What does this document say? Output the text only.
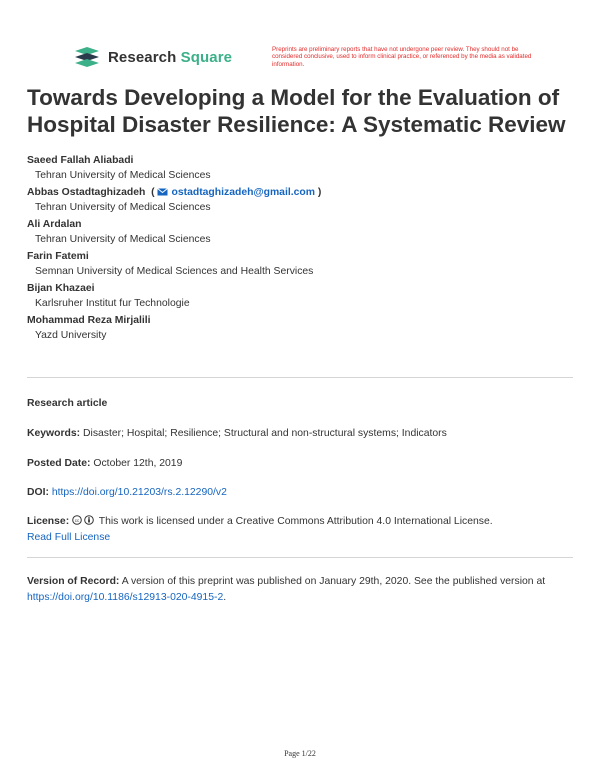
Research Square	Preprints are preliminary reports that have not undergone peer review. They should not be considered conclusive, used to inform clinical practice, or referenced by the media as validated information.
Towards Developing a Model for the Evaluation of Hospital Disaster Resilience: A Systematic Review
Saeed Fallah Aliabadi
Tehran University of Medical Sciences
Abbas Ostadtaghizadeh  ( ostadtaghizadeh@gmail.com )
Tehran University of Medical Sciences
Ali Ardalan
Tehran University of Medical Sciences
Farin Fatemi
Semnan University of Medical Sciences and Health Services
Bijan Khazaei
Karlsruher Institut fur Technologie
Mohammad Reza Mirjalili
Yazd University
Research article
Keywords: Disaster; Hospital; Resilience; Structural and non-structural systems; Indicators
Posted Date: October 12th, 2019
DOI: https://doi.org/10.21203/rs.2.12290/v2
License: cc This work is licensed under a Creative Commons Attribution 4.0 International License.
Read Full License
Version of Record: A version of this preprint was published on January 29th, 2020. See the published version at https://doi.org/10.1186/s12913-020-4915-2.
Page 1/22
